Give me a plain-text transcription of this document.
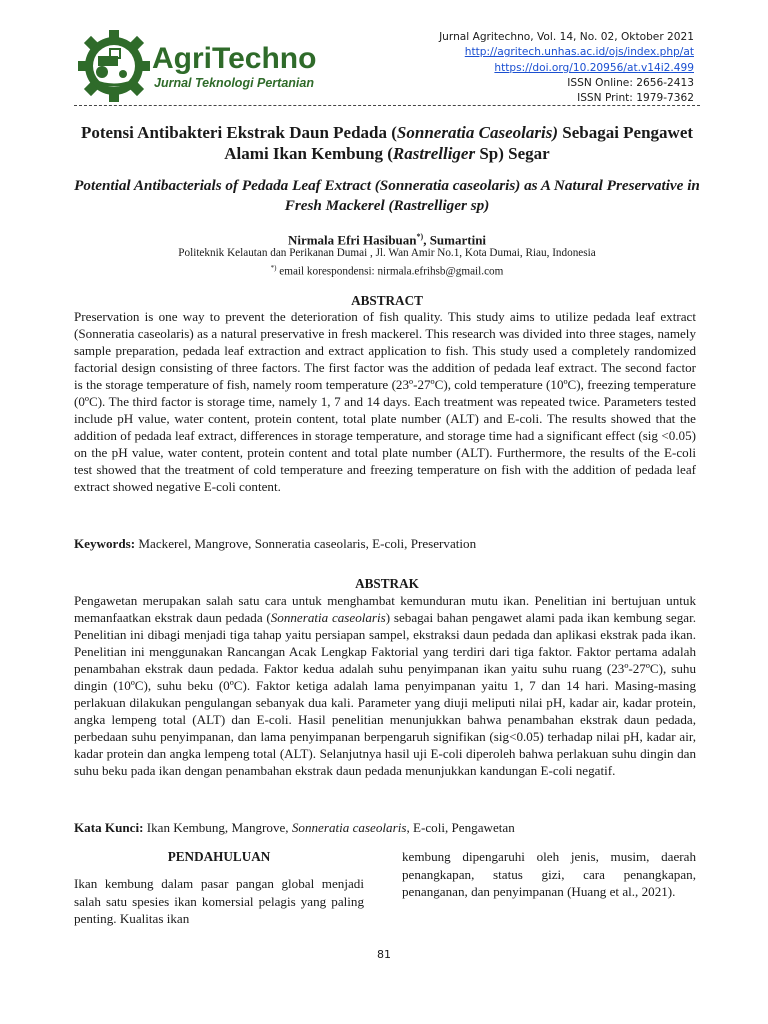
AgriTechno
Jurnal Teknologi Pertanian
Jurnal Agritechno, Vol. 14, No. 02, Oktober 2021
http://agritech.unhas.ac.id/ojs/index.php/at
https://doi.org/10.20956/at.v14i2.499
ISSN Online: 2656-2413
ISSN Print: 1979-7362
Potensi Antibakteri Ekstrak Daun Pedada (Sonneratia Caseolaris) Sebagai Pengawet Alami Ikan Kembung (Rastrelliger Sp) Segar
Potential Antibacterials of Pedada Leaf Extract (Sonneratia caseolaris) as A Natural Preservative in Fresh Mackerel (Rastrelliger sp)
Nirmala Efri Hasibuan*), Sumartini
Politeknik Kelautan dan Perikanan Dumai , Jl. Wan Amir No.1, Kota Dumai, Riau, Indonesia
*) email korespondensi: nirmala.efrihsb@gmail.com
ABSTRACT
Preservation is one way to prevent the deterioration of fish quality. This study aims to utilize pedada leaf extract (Sonneratia caseolaris) as a natural preservative in fresh mackerel. This research was divided into three stages, namely sample preparation, pedada leaf extraction and extract application to fish. This study used a completely randomized factorial design consisting of three factors. The first factor was the addition of pedada leaf extract. The second factor is the storage temperature of fish, namely room temperature (23º-27ºC), cold temperature (10ºC), freezing temperature (0ºC). The third factor is storage time, namely 1, 7 and 14 days. Each treatment was repeated twice. Parameters tested include pH value, water content, protein content, total plate number (ALT) and E-coli. The results showed that the addition of pedada leaf extract, differences in storage temperature, and storage time had a significant effect (sig <0.05) on the pH value, water content, protein content and total plate number (ALT). Furthermore, the results of the E-coli test showed that the treatment of cold temperature and freezing temperature on fish with the addition of pedada leaf extract showed negative E-coli content.
Keywords: Mackerel, Mangrove, Sonneratia caseolaris, E-coli, Preservation
ABSTRAK
Pengawetan merupakan salah satu cara untuk menghambat kemunduran mutu ikan. Penelitian ini bertujuan untuk memanfaatkan ekstrak daun pedada (Sonneratia caseolaris) sebagai bahan pengawet alami pada ikan kembung segar. Penelitian ini dibagi menjadi tiga tahap yaitu persiapan sampel, ekstraksi daun pedada dan aplikasi ekstrak pada ikan. Penelitian ini menggunakan Rancangan Acak Lengkap Faktorial yang terdiri dari tiga faktor. Faktor pertama adalah penambahan ekstrak daun pedada. Faktor kedua adalah suhu penyimpanan ikan yaitu suhu ruang (23º-27ºC), suhu dingin (10ºC), suhu beku (0ºC). Faktor ketiga adalah lama penyimpanan yaitu 1, 7 dan 14 hari. Masing-masing perlakuan dilakukan pengulangan sebanyak dua kali. Parameter yang diuji meliputi nilai pH, kadar air, kadar protein, angka lempeng total (ALT) dan E-coli. Hasil penelitian menunjukkan bahwa penambahan ekstrak daun pedada, perbedaan suhu penyimpanan, dan lama penyimpanan berpengaruh signifikan (sig<0.05) terhadap nilai pH, kadar air, kadar protein dan angka lempeng total (ALT). Selanjutnya hasil uji E-coli diperoleh bahwa perlakuan suhu dingin dan suhu beku pada ikan dengan penambahan ekstrak daun pedada menunjukkan kandungan E-coli negatif.
Kata Kunci: Ikan Kembung, Mangrove, Sonneratia caseolaris, E-coli, Pengawetan
PENDAHULUAN
Ikan kembung dalam pasar pangan global menjadi salah satu spesies ikan komersial pelagis yang paling penting. Kualitas ikan
kembung dipengaruhi oleh jenis, musim, daerah penangkapan, status gizi, cara penangkapan, penanganan, dan penyimpanan (Huang et al., 2021).
81
